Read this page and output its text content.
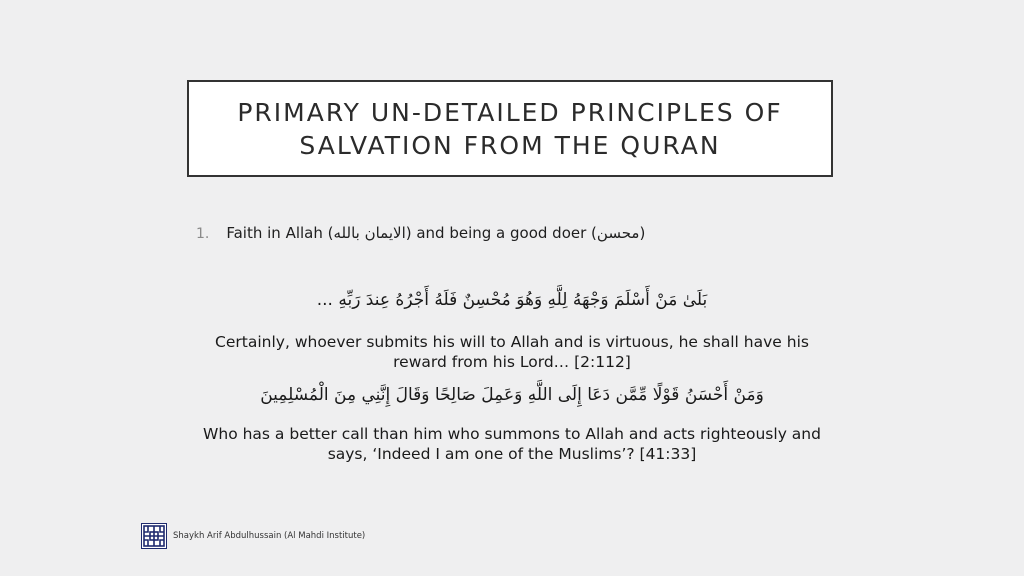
PRIMARY UN-DETAILED PRINCIPLES OF
SALVATION FROM THE QURAN
1. Faith in Allah ( الايمان بالله ) and being a good doer ( محسن )
بَلَىٰ مَنْ أَسْلَمَ وَجْهَهُ لِلَّهِ وَهُوَ مُحْسِنٌ فَلَهُ أَجْرُهُ عِندَ رَبِّهِ ...
Certainly, whoever submits his will to Allah and is virtuous, he shall have his
reward from his Lord… [2:112]
وَمَنْ أَحْسَنُ قَوْلًا مِّمَّن دَعَا إِلَى اللَّهِ وَعَمِلَ صَالِحًا وَقَالَ إِنَّنِي مِنَ الْمُسْلِمِينَ
Who has a better call than him who summons to Allah and acts righteously and
says, ‘Indeed I am one of the Muslims’? [41:33]
Shaykh Arif Abdulhussain (Al Mahdi Institute)
